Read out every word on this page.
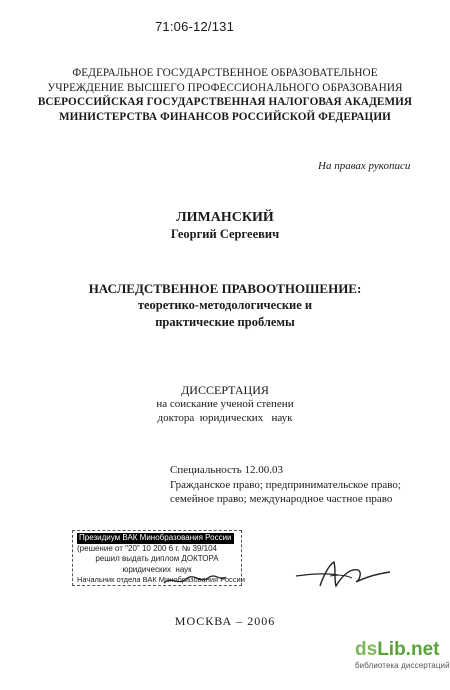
71:06-12/131
ФЕДЕРАЛЬНОЕ ГОСУДАРСТВЕННОЕ ОБРАЗОВАТЕЛЬНОЕ
УЧРЕЖДЕНИЕ ВЫСШЕГО ПРОФЕССИОНАЛЬНОГО ОБРАЗОВАНИЯ
ВСЕРОССИЙСКАЯ ГОСУДАРСТВЕННАЯ НАЛОГОВАЯ АКАДЕМИЯ
МИНИСТЕРСТВА ФИНАНСОВ РОССИЙСКОЙ ФЕДЕРАЦИИ
На правах рукописи
ЛИМАНСКИЙ
Георгий Сергеевич
НАСЛЕДСТВЕННОЕ ПРАВООТНОШЕНИЕ:
теоретико-методологические и
практические проблемы
ДИССЕРТАЦИЯ
на соискание ученой степени
доктора  юридических   наук
Специальность 12.00.03
Гражданское право; предпринимательское право;
семейное право; международное частное право
Президиум ВАК Минобразования России
(решение от "20" 10 200 6 г. № 39/104
решил выдать диплом ДОКТОРА
юридических  наук
Начальник отдела ВАК Минобразования России
МОСКВА – 2006
dsLib.net
библиотека диссертаций
